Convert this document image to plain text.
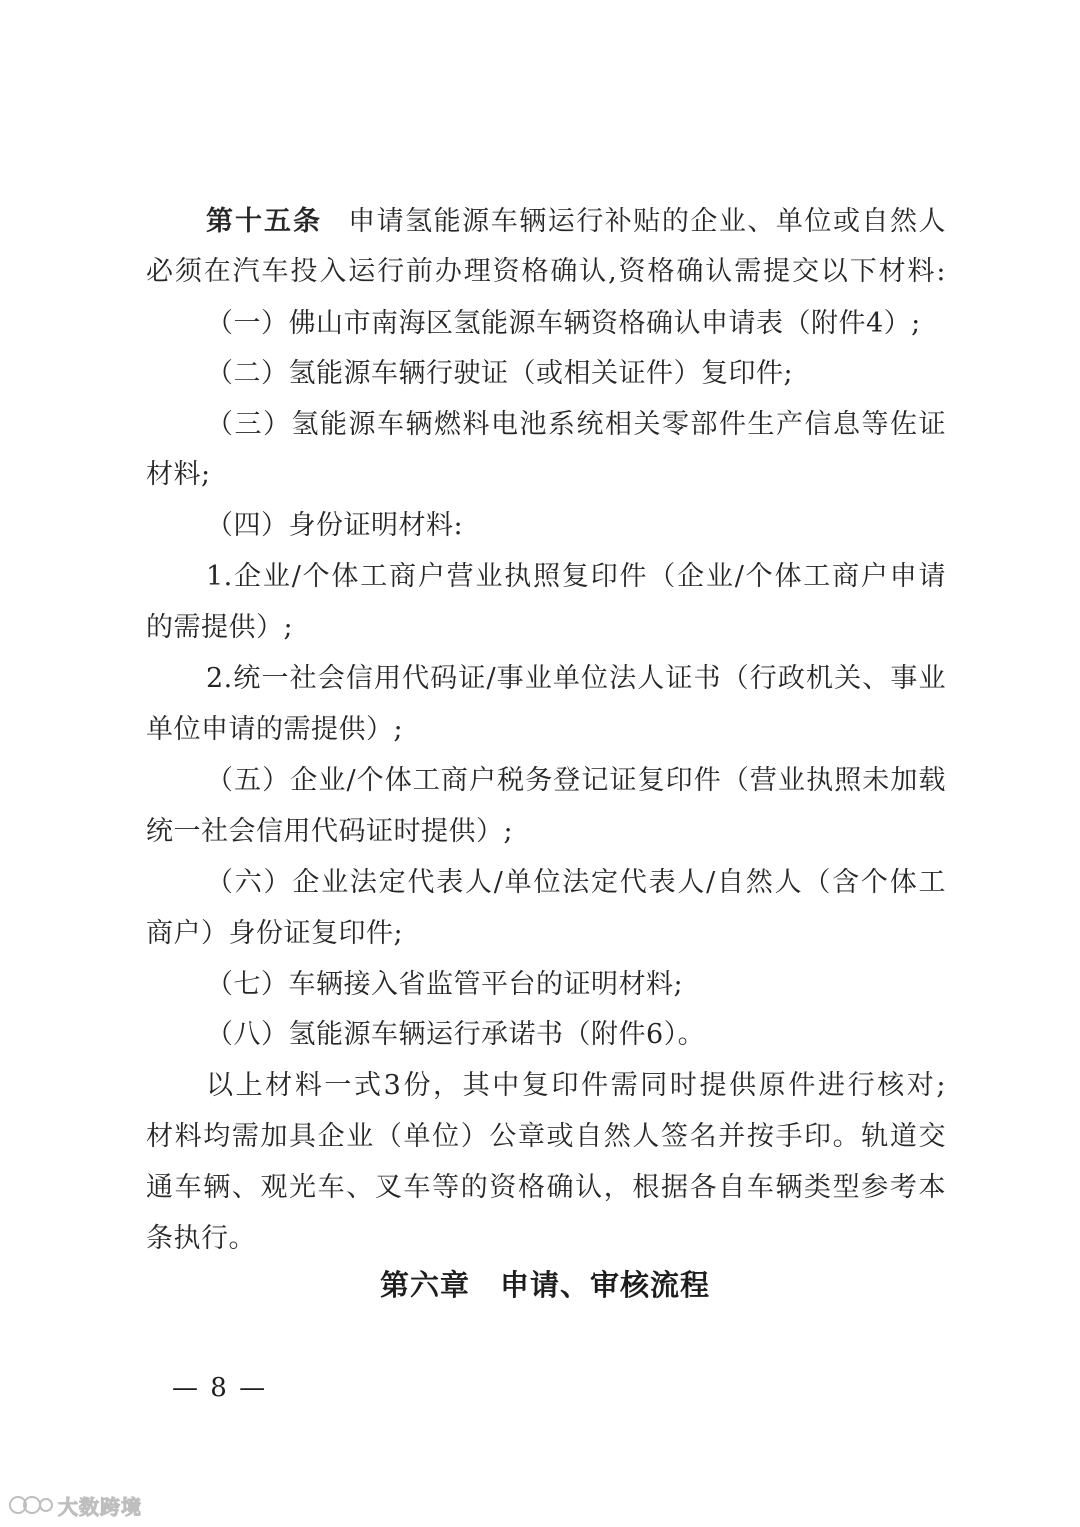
第十五条 申请氢能源车辆运行补贴的企业、单位或自然人
必须在汽车投入运行前办理资格确认,资格确认需提交以下材料:
（一）佛山市南海区氢能源车辆资格确认申请表（附件4）;
（二）氢能源车辆行驶证（或相关证件）复印件;
（三）氢能源车辆燃料电池系统相关零部件生产信息等佐证
材料;
（四）身份证明材料:
1.企业/个体工商户营业执照复印件（企业/个体工商户申请
的需提供）;
2.统一社会信用代码证/事业单位法人证书（行政机关、事业
单位申请的需提供）;
（五）企业/个体工商户税务登记证复印件（营业执照未加载
统一社会信用代码证时提供）;
（六）企业法定代表人/单位法定代表人/自然人（含个体工
商户）身份证复印件;
（七）车辆接入省监管平台的证明材料;
（八）氢能源车辆运行承诺书（附件6）。
以上材料一式3份，其中复印件需同时提供原件进行核对;
材料均需加具企业（单位）公章或自然人签名并按手印。轨道交
通车辆、观光车、叉车等的资格确认，根据各自车辆类型参考本
条执行。
第六章　申请、审核流程
— 8 —
大数跨境
